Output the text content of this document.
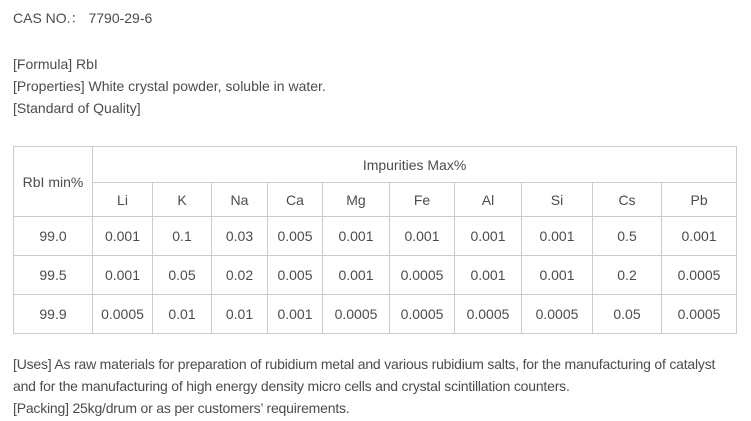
CAS NO.： 7790-29-6

[Formula] RbI

[Properties] White crystal powder, soluble in water.

[Standard of Quality]

RbI min%	Impurities Max%									
	Li	K	Na	Ca	Mg	Fe	Al	Si	Cs	Pb
99.0	0.001	0.1	0.03	0.005	0.001	0.001	0.001	0.001	0.5	0.001
99.5	0.001	0.05	0.02	0.005	0.001	0.0005	0.001	0.001	0.2	0.0005
99.9	0.0005	0.01	0.01	0.001	0.0005	0.0005	0.0005	0.0005	0.05	0.0005

[Uses] As raw materials for preparation of rubidium metal and various rubidium salts, for the manufacturing of catalyst and for the manufacturing of high energy density micro cells and crystal scintillation counters.

[Packing] 25kg/drum or as per customers’ requirements.
